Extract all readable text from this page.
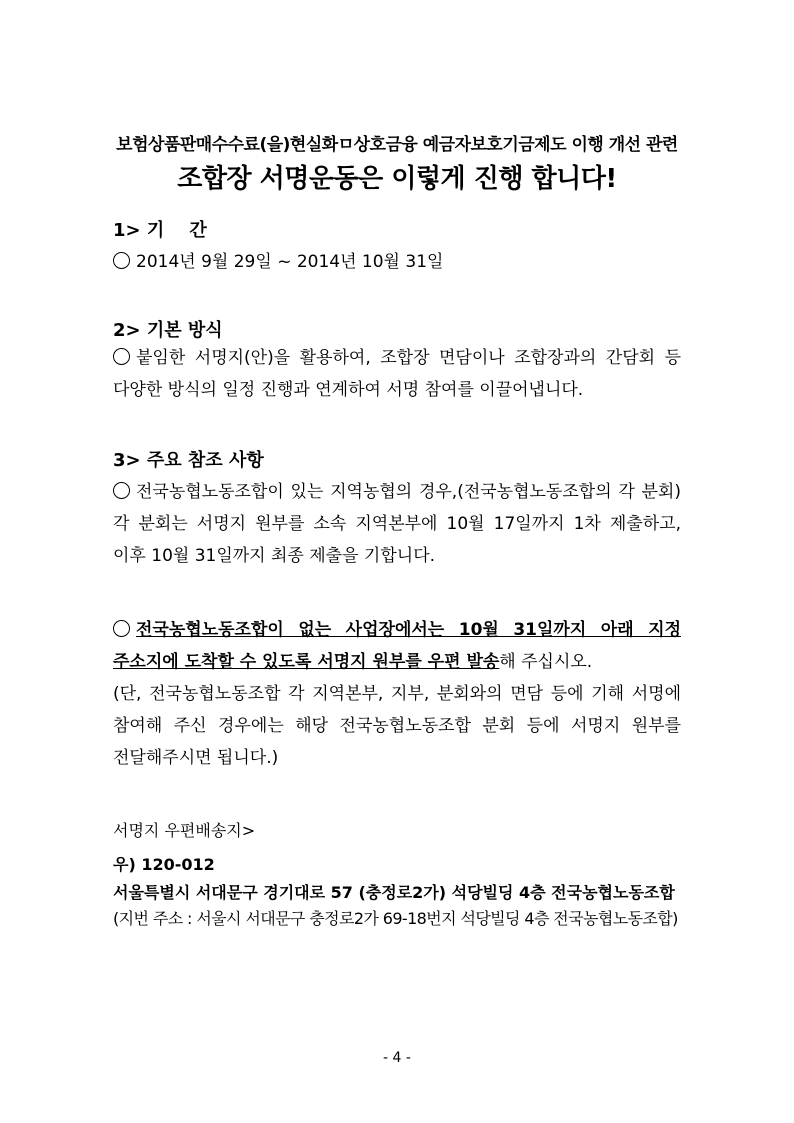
보험상품판매수수료(을)현실화ㅁ상호금융 예금자보호기금제도 이행 개선 관련
조합장 서명운동은 이렇게 진행 합니다!
1> 기    간
2014년 9월 29일 ~ 2014년 10월 31일
2> 기본 방식
붙임한 서명지(안)을 활용하여, 조합장 면담이나 조합장과의 간담회 등 다양한 방식의 일정 진행과 연계하여 서명 참여를 이끌어냅니다.
3> 주요 참조 사항
전국농협노동조합이 있는 지역농협의 경우,(전국농협노동조합의 각 분회) 각 분회는 서명지 원부를 소속 지역본부에 10월 17일까지 1차 제출하고, 이후 10월 31일까지 최종 제출을 기합니다.
전국농협노동조합이 없는 사업장에서는 10월 31일까지 아래 지정 주소지에 도착할 수 있도록 서명지 원부를 우편 발송해 주십시오.
(단, 전국농협노동조합 각 지역본부, 지부, 분회와의 면담 등에 기해 서명에 참여해 주신 경우에는 해당 전국농협노동조합 분회 등에 서명지 원부를 전달해주시면 됩니다.)
서명지 우편배송지>
우) 120-012
서울특별시 서대문구 경기대로 57 (충정로2가) 석당빌딩 4층 전국농협노동조합
(지번 주소 : 서울시 서대문구 충정로2가 69-18번지 석당빌딩 4층 전국농협노동조합)
- 4 -
